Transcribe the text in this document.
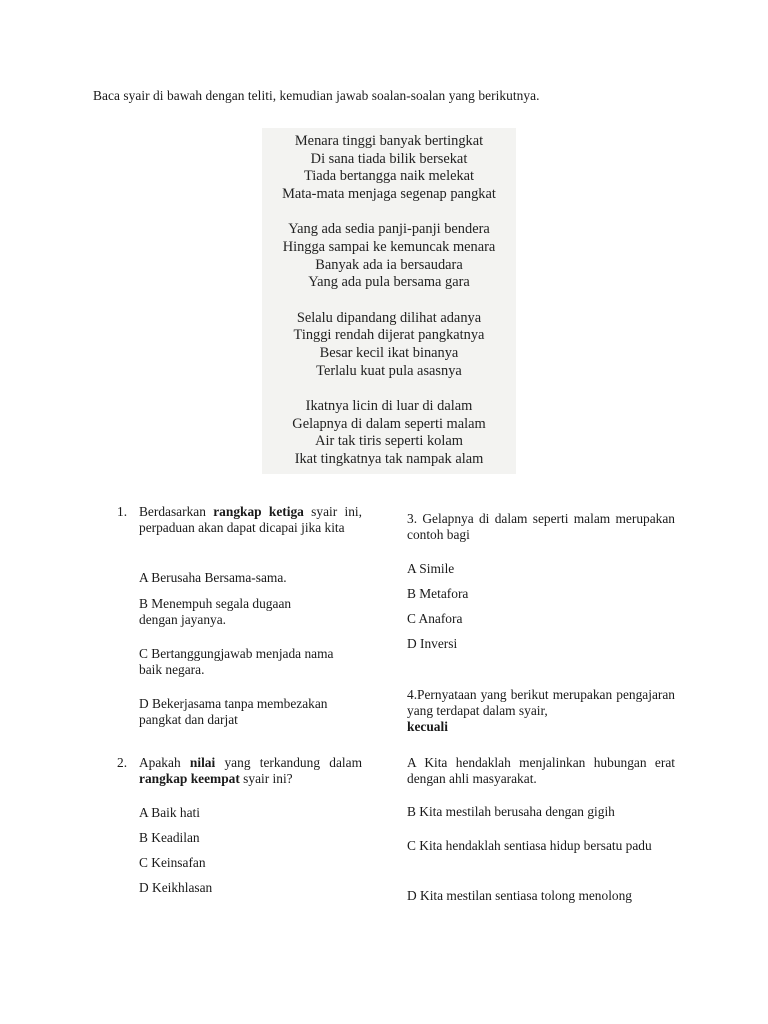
Baca syair di bawah dengan teliti, kemudian jawab soalan-soalan yang berikutnya.
Menara tinggi banyak bertingkat
Di sana tiada bilik bersekat
Tiada bertangga naik melekat
Mata-mata menjaga segenap pangkat
Yang ada sedia panji-panji bendera
Hingga sampai ke kemuncak menara
Banyak ada ia bersaudara
Yang ada pula bersama gara
Selalu dipandang dilihat adanya
Tinggi rendah dijerat pangkatnya
Besar kecil ikat binanya
Terlalu kuat pula asasnya
Ikatnya licin di luar di dalam
Gelapnya di dalam seperti malam
Air tak tiris seperti kolam
Ikat tingkatnya tak nampak alam
1. Berdasarkan rangkap ketiga syair ini, perpaduan akan dapat dicapai jika kita
A Berusaha Bersama-sama.
B Menempuh segala dugaan dengan jayanya.
C Bertanggungjawab menjada nama baik negara.
D Bekerjasama tanpa membezakan pangkat dan darjat
2. Apakah nilai yang terkandung dalam rangkap keempat syair ini?
A Baik hati
B Keadilan
C Keinsafan
D Keikhlasan
3. Gelapnya di dalam seperti malam merupakan contoh bagi
A Simile
B Metafora
C Anafora
D Inversi
4.Pernyataan yang berikut merupakan pengajaran yang terdapat dalam syair,
kecuali
A Kita hendaklah menjalinkan hubungan erat dengan ahli masyarakat.
B Kita mestilah berusaha dengan gigih
C Kita hendaklah sentiasa hidup bersatu padu
D Kita mestilan sentiasa tolong menolong
